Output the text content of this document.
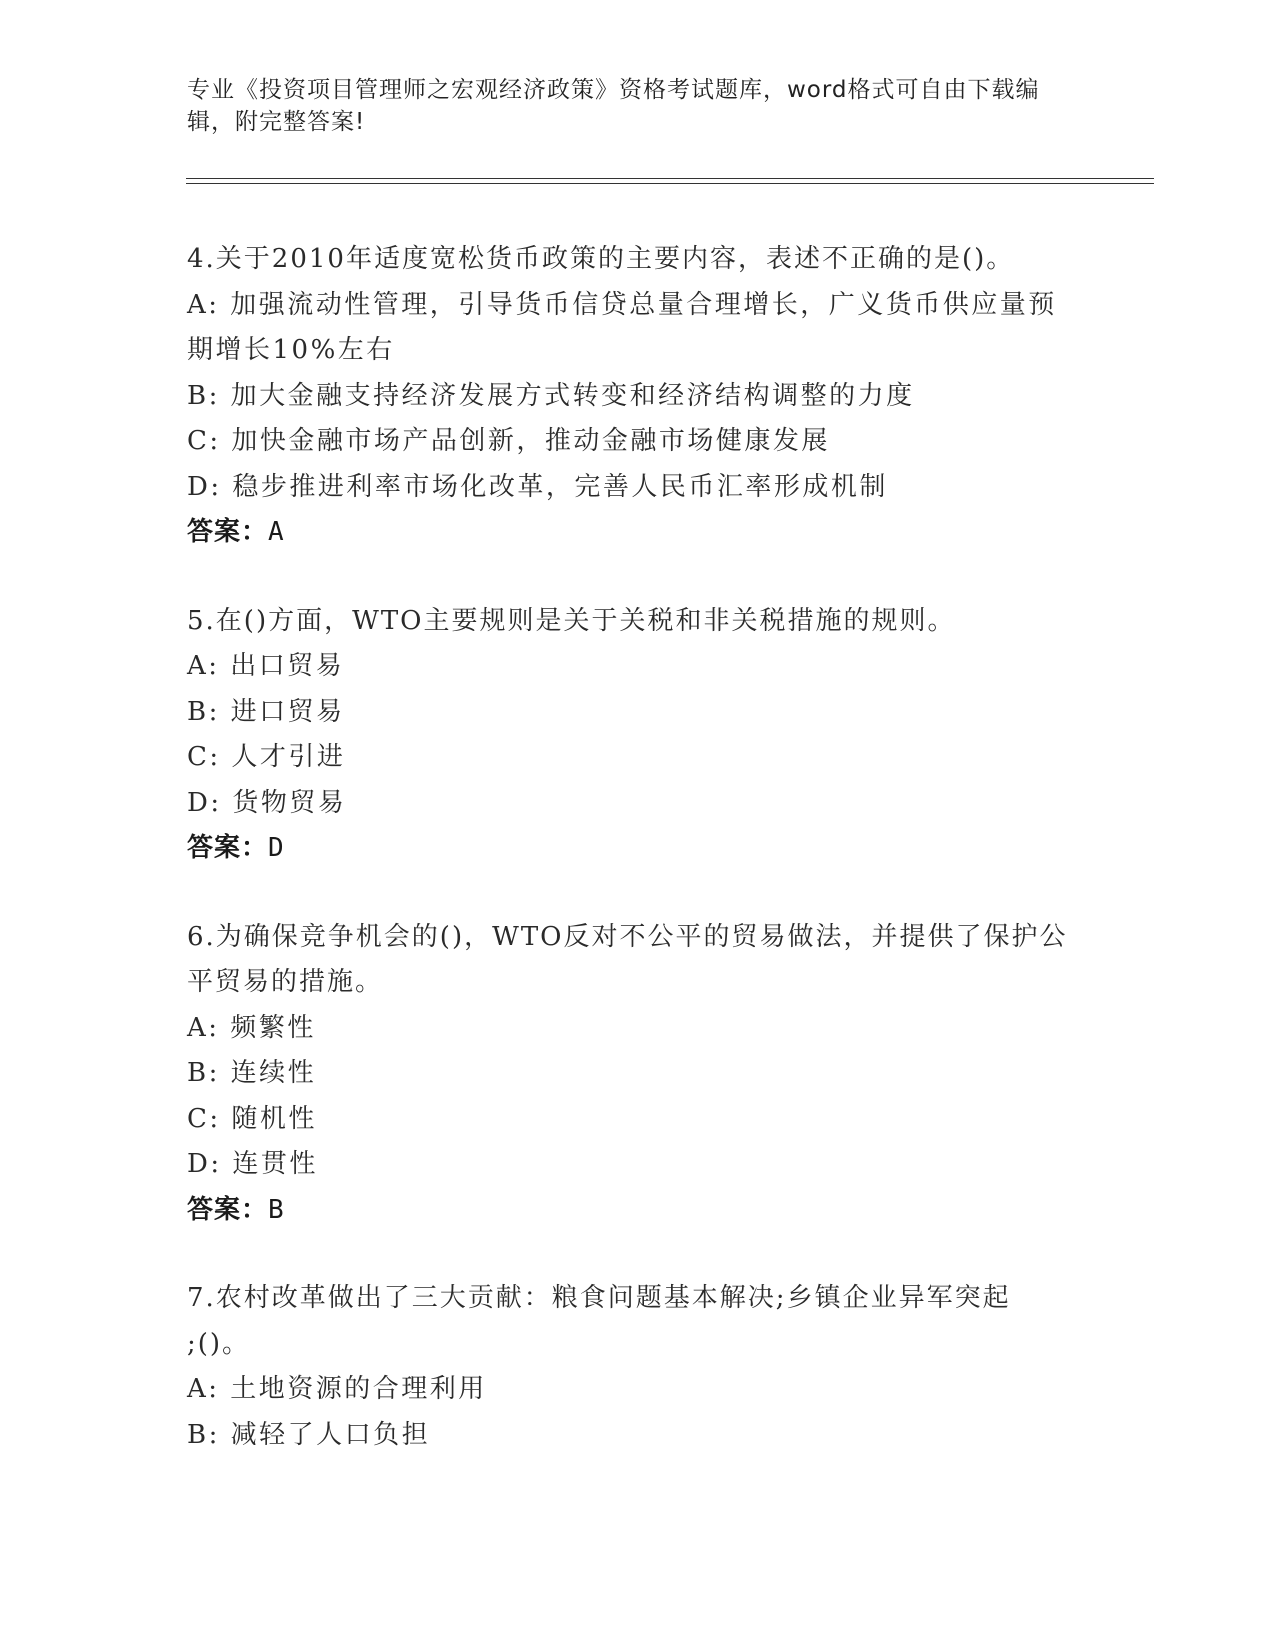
专业《投资项目管理师之宏观经济政策》资格考试题库，word格式可自由下载编
辑，附完整答案!
4.关于2010年适度宽松货币政策的主要内容，表述不正确的是()。
A: 加强流动性管理，引导货币信贷总量合理增长，广义货币供应量预
期增长10%左右
B: 加大金融支持经济发展方式转变和经济结构调整的力度
C: 加快金融市场产品创新，推动金融市场健康发展
D: 稳步推进利率市场化改革，完善人民币汇率形成机制
答案：A
5.在()方面，WTO主要规则是关于关税和非关税措施的规则。
A: 出口贸易
B: 进口贸易
C: 人才引进
D: 货物贸易
答案：D
6.为确保竞争机会的()，WTO反对不公平的贸易做法，并提供了保护公
平贸易的措施。
A: 频繁性
B: 连续性
C: 随机性
D: 连贯性
答案：B
7.农村改革做出了三大贡献：粮食问题基本解决;乡镇企业异军突起
;()。
A: 土地资源的合理利用
B: 减轻了人口负担
